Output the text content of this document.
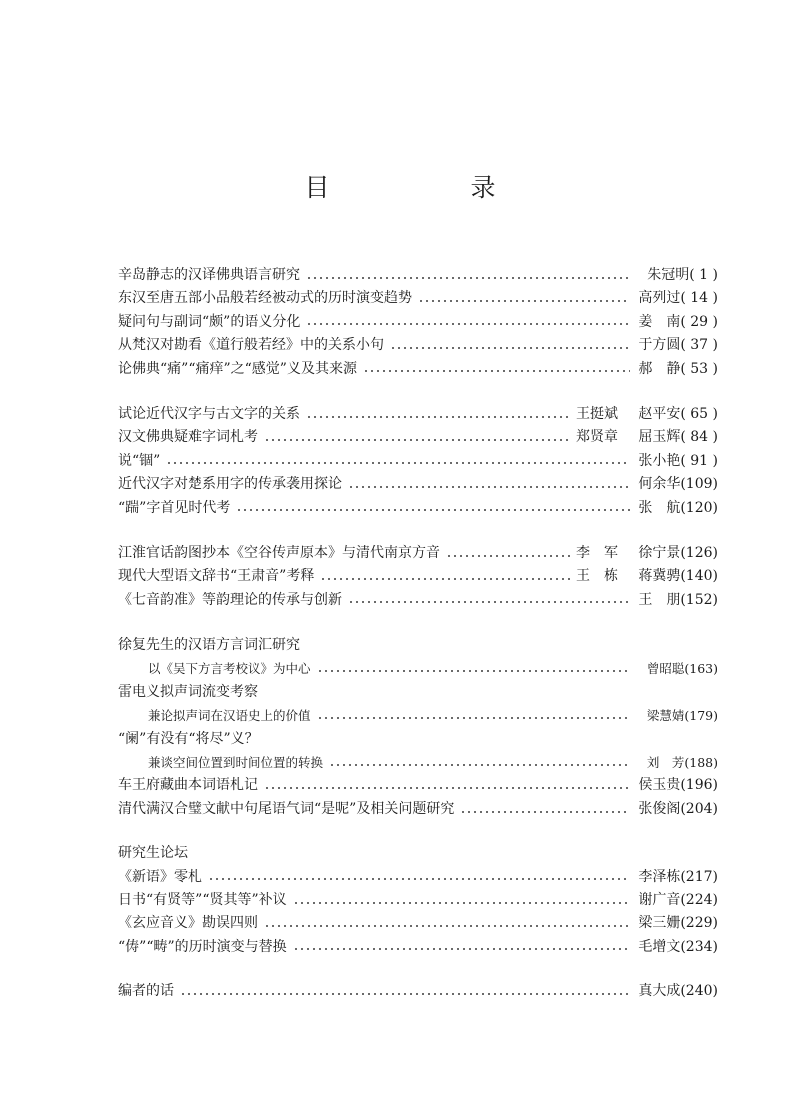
目　录
辛岛静志的汉译佛典语言研究	朱冠明( 1 )
东汉至唐五部小品般若经被动式的历时演变趋势	高列过( 14 )
疑问句与副词“颇”的语义分化	姜　南( 29 )
从梵汉对勘看《道行般若经》中的关系小句	于方圆( 37 )
论佛典“痛”“痛痒”之“感觉”义及其来源	郝　静( 53 )
试论近代汉字与古文字的关系	王挺斌	赵平安( 65 )
汉文佛典疑难字词札考	郑贤章	屈玉辉( 84 )
说“锢”	张小艳( 91 )
近代汉字对楚系用字的传承袭用探论	何余华(109)
“踹”字首见时代考	张　航(120)
江淮官话韵图抄本《空谷传声原本》与清代南京方音	李　军	徐宁景(126)
现代大型语文辞书“王肃音”考释	王　栋	蒋冀骋(140)
《七音韵准》等韵理论的传承与创新	王　朋(152)
徐复先生的汉语方言词汇研究
以《吴下方言考校议》为中心	曾昭聪(163)
雷电义拟声词流变考察
兼论拟声词在汉语史上的价值	梁慧婧(179)
“阑”有没有“将尽”义？
兼谈空间位置到时间位置的转换	刘　芳(188)
车王府藏曲本词语札记	侯玉贵(196)
清代满汉合璧文献中句尾语气词“是呢”及相关问题研究	张俊阁(204)
研究生论坛
《新语》零札	李泽栋(217)
日书“有贤等”“贤其等”补议	谢广音(224)
《玄应音义》勘误四则	梁三姗(229)
“俦”“畴”的历时演变与替换	毛增文(234)
编者的话	真大成(240)
